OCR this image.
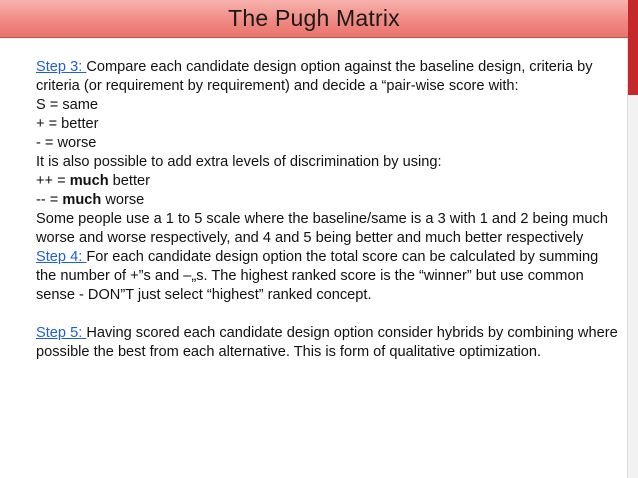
The Pugh Matrix

Step 3: Compare each candidate design option against the baseline design, criteria by criteria (or requirement by requirement) and decide a “pair-wise score with:

S = same

+ = better

- = worse

It is also possible to add extra levels of discrimination by using:

++ = much better

-- = much worse

Some people use a 1 to 5 scale where the baseline/same is a 3 with 1 and 2 being much worse and worse respectively, and 4 and 5 being better and much better respectively

Step 4: For each candidate design option the total score can be calculated by summing the number of +”s and –„s. The highest ranked score is the “winner” but use common sense - DON”T just select “highest” ranked concept.

Step 5: Having scored each candidate design option consider hybrids by combining where possible the best from each alternative. This is form of qualitative optimization.
